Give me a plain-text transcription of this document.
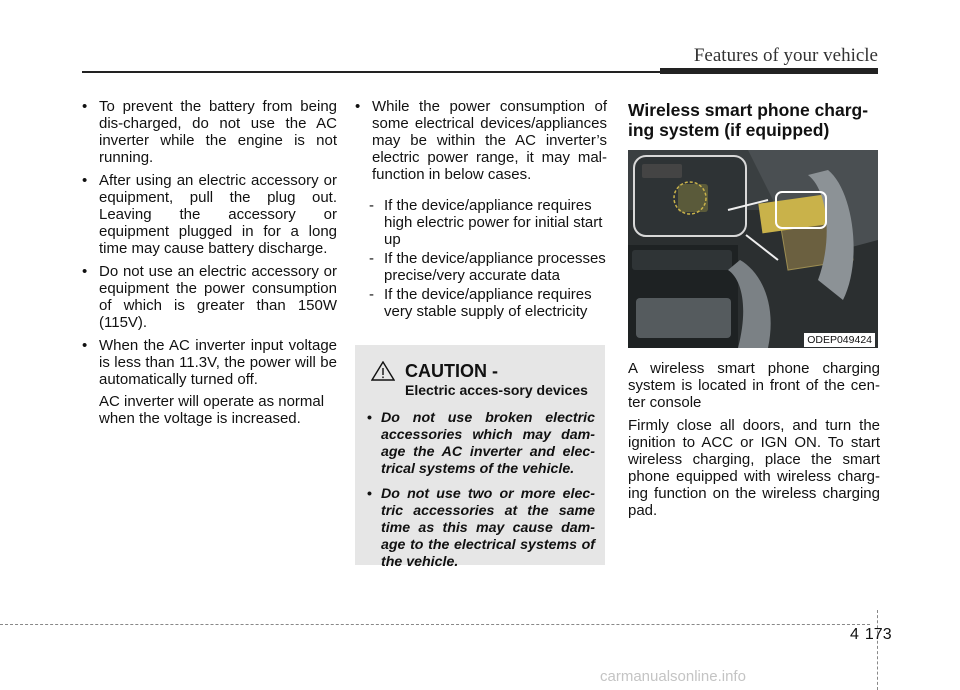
Features of your vehicle

• To prevent the battery from being dis-charged, do not use the AC inverter while the engine is not running.

• After using an electric accessory or equipment, pull the plug out. Leaving the accessory or equipment plugged in for a long time may cause battery discharge.

• Do not use an electric accessory or equipment the power consumption of which is greater than 150W (115V).

• When the AC inverter input voltage is less than 11.3V, the power will be automatically turned off.

AC inverter will operate as normal when the voltage is increased.

• While the power consumption of some electrical devices/appliances may be within the AC inverter’s electric power range, it may mal-function in below cases.

- If the device/appliance requires high electric power for initial start up

- If the device/appliance processes precise/very accurate data

- If the device/appliance requires very stable supply of electricity

CAUTION - Electric acces-sory devices

• Do not use broken electric accessories which may dam-age the AC inverter and elec-trical systems of the vehicle.

• Do not use two or more elec-tric accessories at the same time as this may cause dam-age to the electrical systems of the vehicle.

Wireless smart phone charg-ing system (if equipped)
ODEP049424

A wireless smart phone charging system is located in front of the cen-ter console

Firmly close all doors, and turn the ignition to ACC or IGN ON. To start wireless charging, place the smart phone equipped with wireless charg-ing function on the wireless charging pad.

4 173
carmanualsonline.info
